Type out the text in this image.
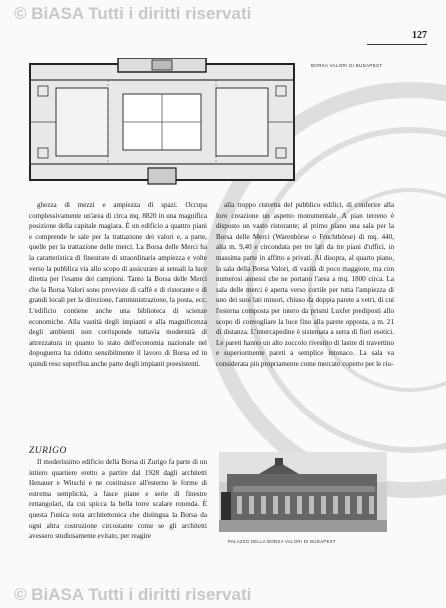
© BiASA Tutti i diritti riservati
127
BORSA VALORI DI BUDAPEST

ghezza di mezzi e ampiezza di spazi. Occupa complessivamente un'area di circa mq. 8820 in una magnifica posizione della capitale magiara. È un edificio a quattro piani e comprende le sale per la trattazione dei valori e, a parte, quelle per la trattazione delle merci. La Borsa delle Merci ha la caratteristica di finestrate di straordinaria ampiezza e volte verso la pubblica via allo scopo di assicurare ai sensali la luce diretta per l'esame dei campioni. Tanto la Borsa delle Merci che la Borsa Valori sono provviste di caffè e di ristorante e di grandi locali per la direzione, l'amministrazione, la posta, ecc. L'edificio contiene anche una biblioteca di scienze economiche. Alla vastità degli impianti e alla magnificenza degli ambienti non corrisponde tuttavia modernità di attrezzatura in quanto lo stato dell'economia nazionale nel dopoguerra ha ridotto sensibilmente il lavoro di Borsa ed in quindi reso superflua anche parte degli impianti preesistenti.

alla troppo ristretta del pubblico edifici, di conferire alla loro creazione un aspetto monumentale. A pian terreno è disposto un vasto ristorante; al primo piano una sala per la Borsa delle Merci (Warenbörse o Fruchtbörse) di mq. 440, alta m. 9,40 e circondata per tre lati da tre piani d'uffici, in massima parte in affitto a privati. Al disopra, al quarto piano, la sala della Borsa Valori, di vasità di poco maggiore, ma con numerosi annessi che ne portano l'area a mq. 1800 circa. La sala delle merci è aperta verso cortile per tutta l'ampiezza di uno dei suoi lati minori, chiuso da doppia parete a vetri, di cui l'esterna composta per intero da prismi Luxfer prediposti allo scopo di convogliare la luce fino alla parete opposta, a m. 21 di distanza. L'intercapedine è sistemata a serra di fiori esotici. Le pareti hanno un alto zoccolo rivestito di lastre di travertino e superiormente pareti a semplice intonaco. La sala va considerata più propriamente come mercato coperto per le riu-

ZURIGO

Il moderissimo edificio della Borsa di Zurigo fa parte di un intiero quartiere eretto a partire dal 1928 dagli architetti Henauer e Witschi e ne costituisce all'esterno le forme di estrema semplicità, a fasce piane e serie di finestre rettangolari, da cui spicca la bella torre scalare rotonda. È questa l'unica nota architettonica che distingua la Borsa da ogni altra costruzione circostante come se gli architetti avessero studiosamente evitato, per reagire

PALAZZO DELLA BORSA VALORI DI BUDAPEST
© BiASA Tutti i diritti riservati
